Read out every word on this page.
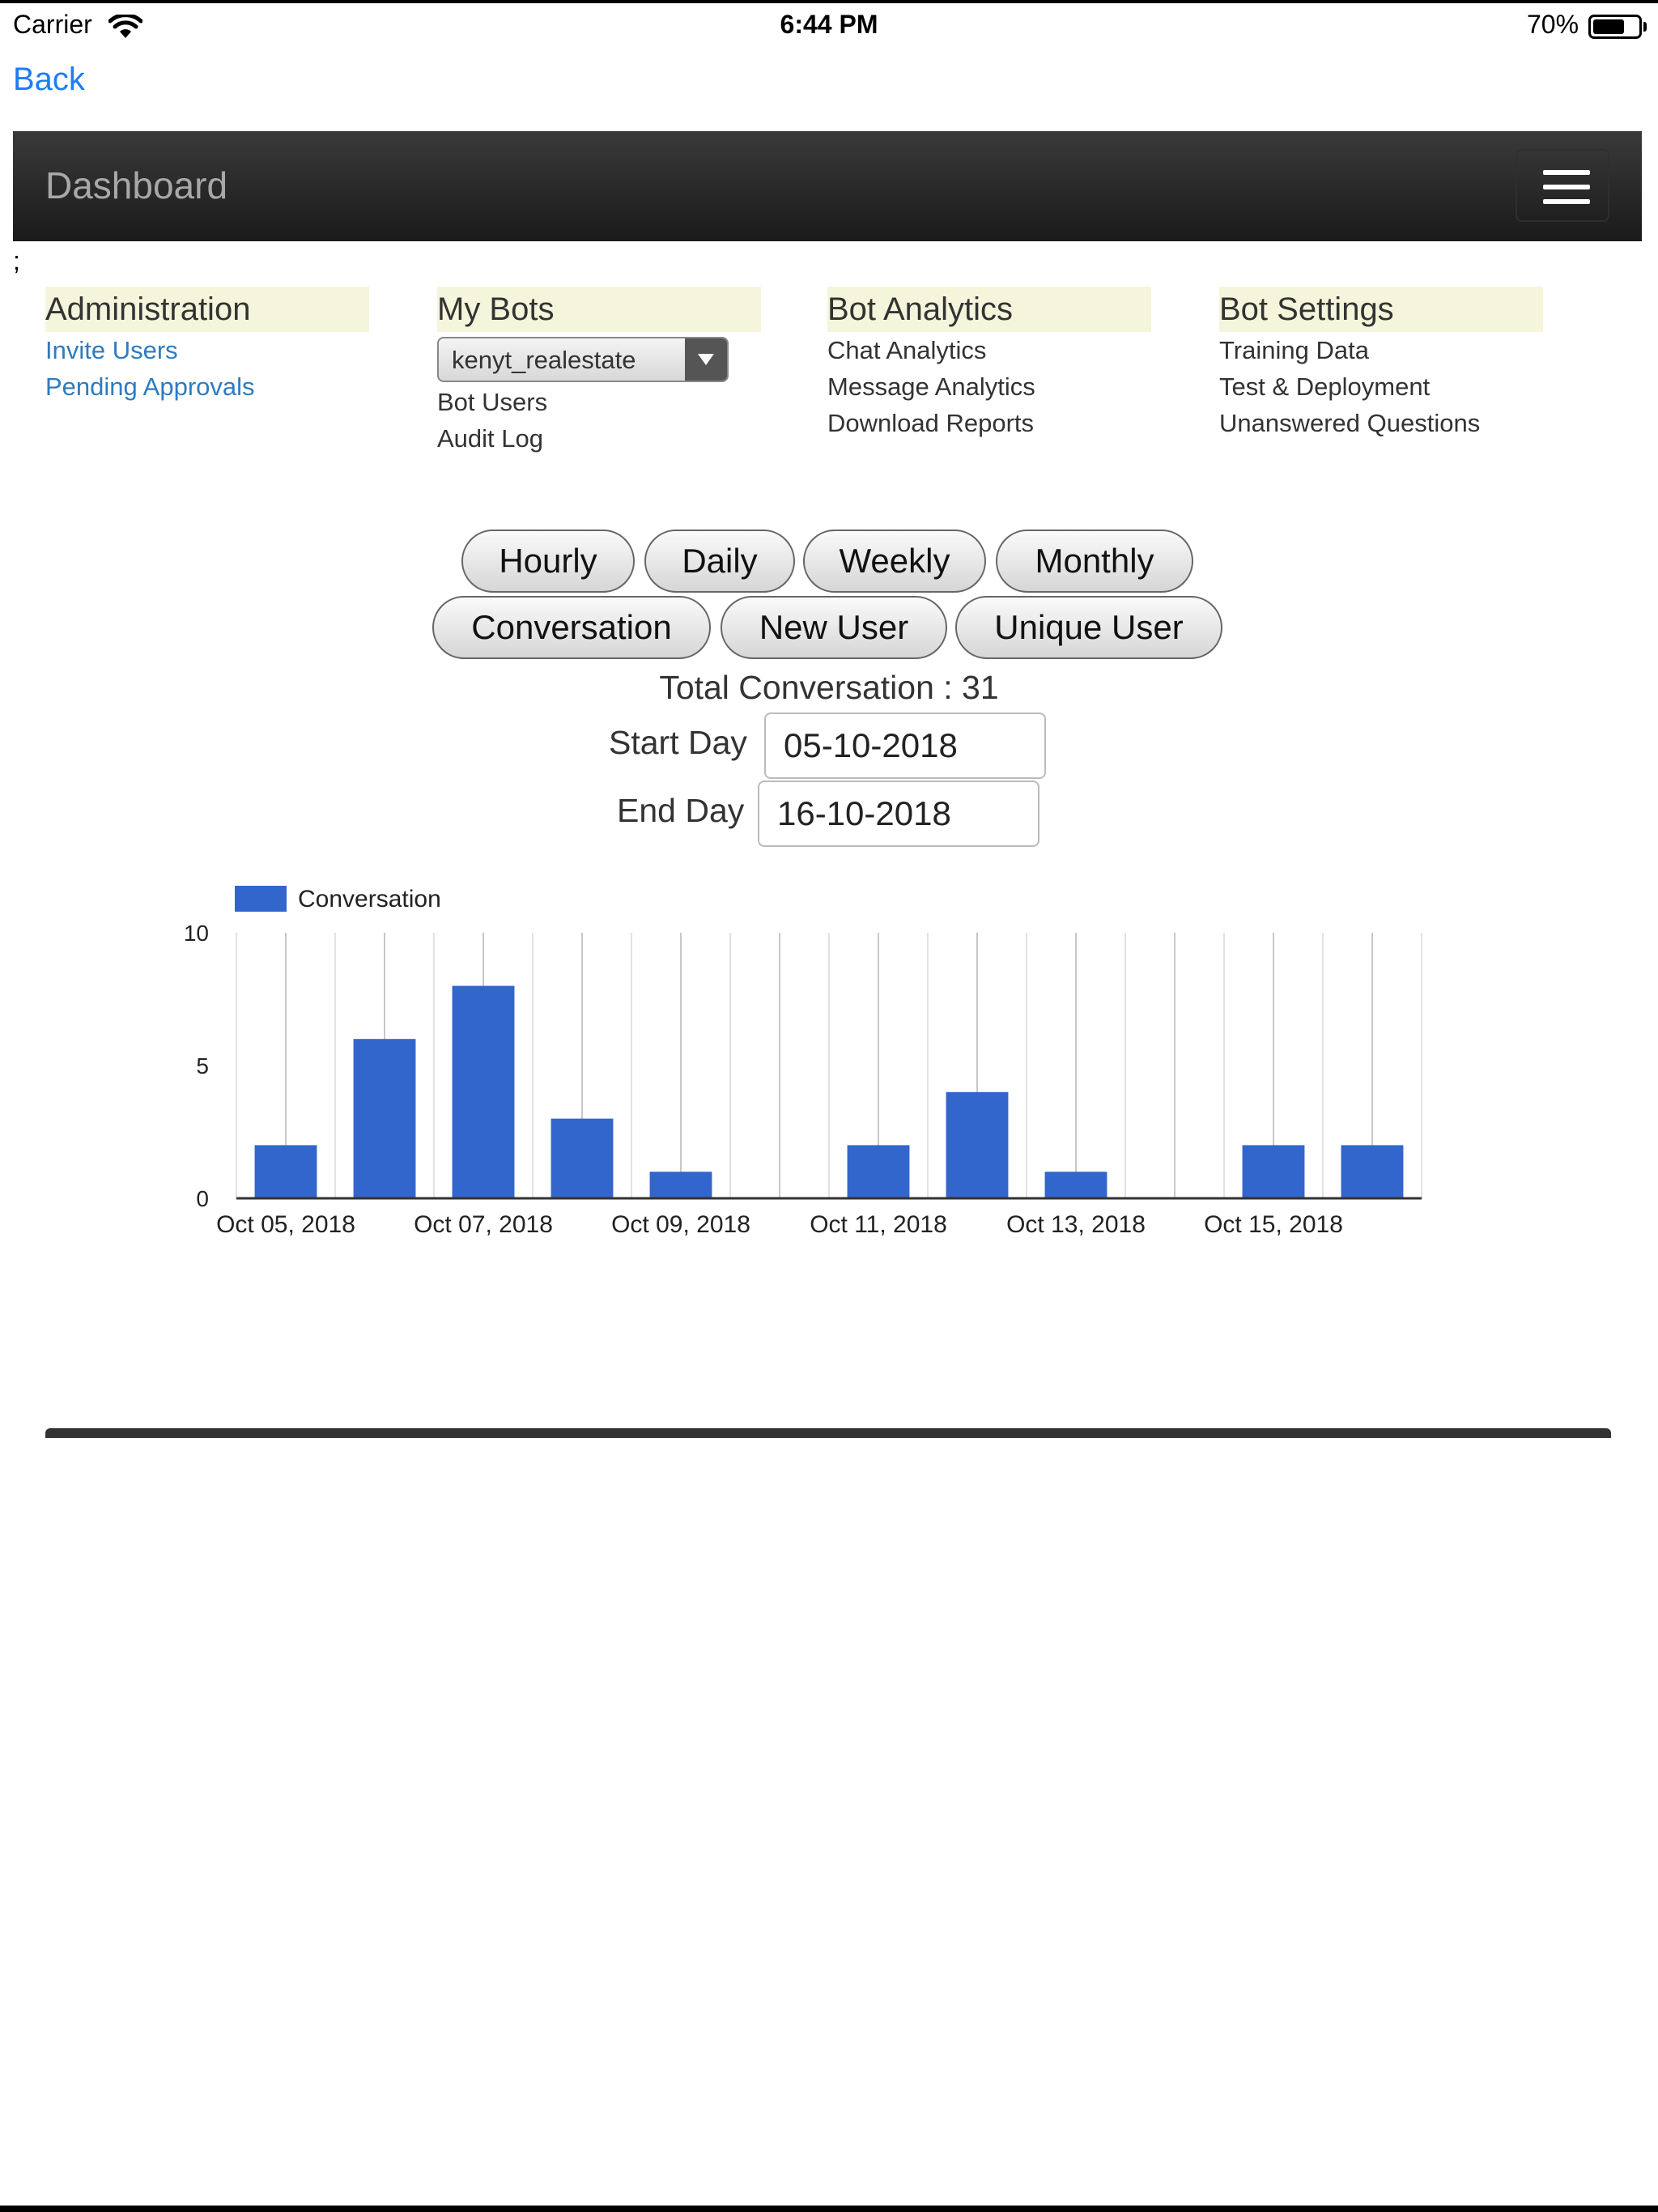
Carrier	6:44 PM	70%
Back
Dashboard
;
Administration
Invite Users
Pending Approvals
My Bots
kenyt_realestate
Bot Users
Audit Log
Bot Analytics
Chat Analytics
Message Analytics
Download Reports
Bot Settings
Training Data
Test & Deployment
Unanswered Questions
Hourly	Daily	Weekly	Monthly
Conversation	New User	Unique User
Total Conversation : 31
Start Day	05-10-2018
End Day 16-10-2018
0
5
10
Oct 05, 2018 Oct 07, 2018 Oct 09, 2018 Oct 11, 2018 Oct 13, 2018 Oct 15, 2018
Conversation
